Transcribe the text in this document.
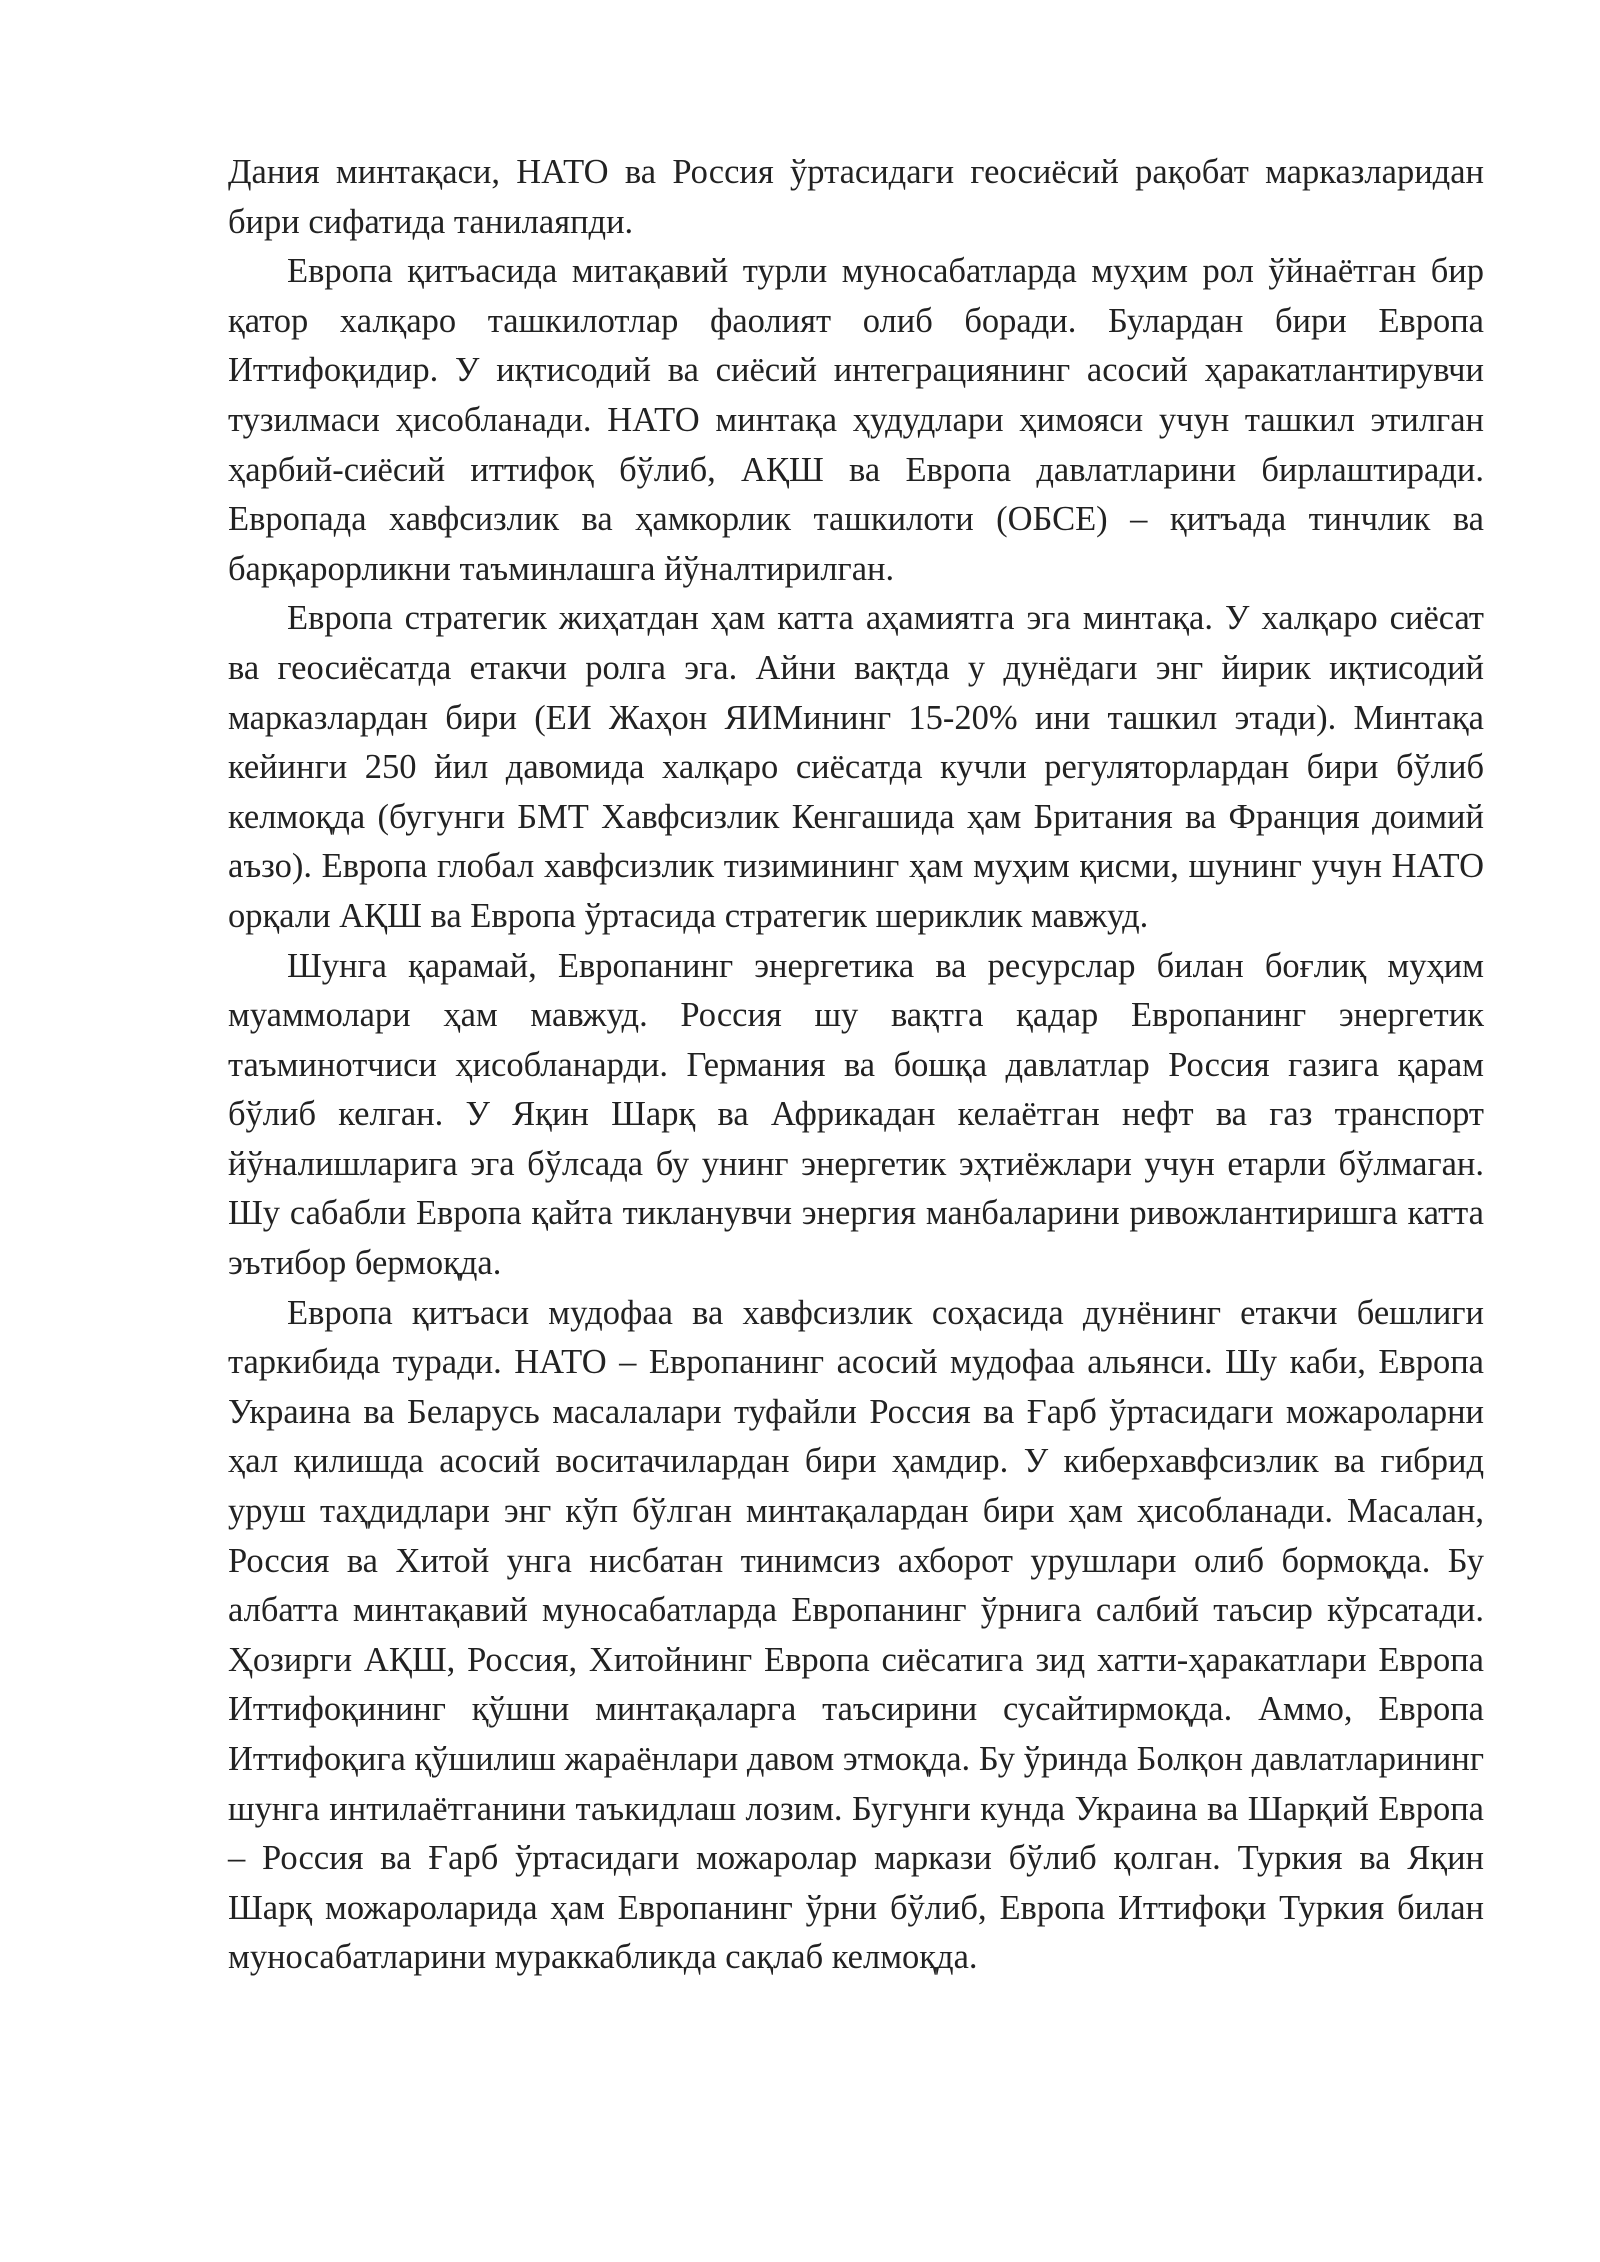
Дания минтақаси, НАТО ва Россия ўртасидаги геосиёсий рақобат марказларидан бири сифатида танилаяпди.

Европа қитъасида митақавий турли муносабатларда муҳим рол ўйнаётган бир қатор халқаро ташкилотлар фаолият олиб боради. Булардан бири Европа Иттифоқидир. У иқтисодий ва сиёсий интеграциянинг асосий ҳаракатлантирувчи тузилмаси ҳисобланади. НАТО минтақа ҳудудлари ҳимояси учун ташкил этилган ҳарбий-сиёсий иттифоқ бўлиб, АҚШ ва Европа давлатларини бирлаштиради. Европада хавфсизлик ва ҳамкорлик ташкилоти (ОБСЕ) – қитъада тинчлик ва барқарорликни таъминлашга йўналтирилган.

Европа стратегик жиҳатдан ҳам катта аҳамиятга эга минтақа. У халқаро сиёсат ва геосиёсатда етакчи ролга эга. Айни вақтда у дунёдаги энг йирик иқтисодий марказлардан бири (ЕИ Жаҳон ЯИМининг 15-20% ини ташкил этади). Минтақа кейинги 250 йил давомида халқаро сиёсатда кучли регуляторлардан бири бўлиб келмоқда (бугунги БМТ Хавфсизлик Кенгашида ҳам Британия ва Франция доимий аъзо). Европа глобал хавфсизлик тизимининг ҳам муҳим қисми, шунинг учун НАТО орқали АҚШ ва Европа ўртасида стратегик шериклик мавжуд.

Шунга қарамай, Европанинг энергетика ва ресурслар билан боғлиқ муҳим муаммолари ҳам мавжуд. Россия шу вақтга қадар Европанинг энергетик таъминотчиси ҳисобланарди. Германия ва бошқа давлатлар Россия газига қарам бўлиб келган. У Яқин Шарқ ва Африкадан келаётган нефт ва газ транспорт йўналишларига эга бўлсада бу унинг энергетик эҳтиёжлари учун етарли бўлмаган. Шу сабабли Европа қайта тикланувчи энергия манбаларини ривожлантиришга катта эътибор бермоқда.

Европа қитъаси мудофаа ва хавфсизлик соҳасида дунёнинг етакчи бешлиги таркибида туради. НАТО – Европанинг асосий мудофаа альянси. Шу каби, Европа Украина ва Беларусь масалалари туфайли Россия ва Ғарб ўртасидаги можароларни ҳал қилишда асосий воситачилардан бири ҳамдир. У киберхавфсизлик ва гибрид уруш таҳдидлари энг кўп бўлган минтақалардан бири ҳам ҳисобланади. Масалан, Россия ва Хитой унга нисбатан тинимсиз ахборот урушлари олиб бормоқда. Бу албатта минтақавий муносабатларда Европанинг ўрнига салбий таъсир кўрсатади. Ҳозирги АҚШ, Россия, Хитойнинг Европа сиёсатига зид хатти-ҳаракатлари Европа Иттифоқининг қўшни минтақаларга таъсирини сусайтирмоқда. Аммо, Европа Иттифоқига қўшилиш жараёнлари давом этмоқда. Бу ўринда Болқон давлатларининг шунга интилаётганини таъкидлаш лозим. Бугунги кунда Украина ва Шарқий Европа – Россия ва Ғарб ўртасидаги можаролар маркази бўлиб қолган. Туркия ва Яқин Шарқ можароларида ҳам Европанинг ўрни бўлиб, Европа Иттифоқи Туркия билан муносабатларини мураккабликда сақлаб келмоқда.
